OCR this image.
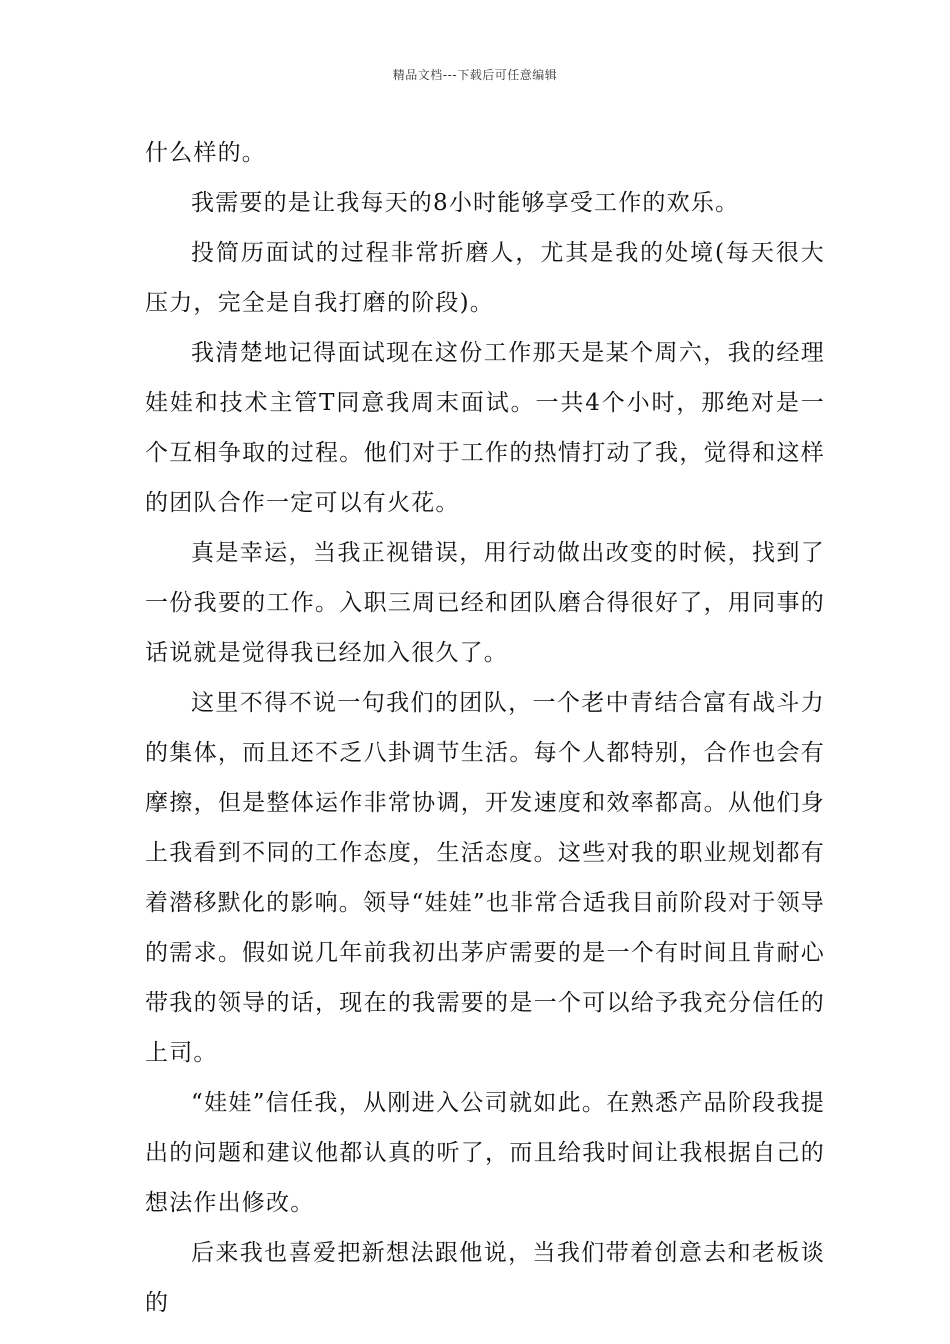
精品文档---下载后可任意编辑

什么样的。

我需要的是让我每天的8小时能够享受工作的欢乐。

投简历面试的过程非常折磨人，尤其是我的处境(每天很大压力，完全是自我打磨的阶段)。

我清楚地记得面试现在这份工作那天是某个周六，我的经理娃娃和技术主管T同意我周末面试。一共4个小时，那绝对是一个互相争取的过程。他们对于工作的热情打动了我，觉得和这样的团队合作一定可以有火花。

真是幸运，当我正视错误，用行动做出改变的时候，找到了一份我要的工作。入职三周已经和团队磨合得很好了，用同事的话说就是觉得我已经加入很久了。

这里不得不说一句我们的团队，一个老中青结合富有战斗力的集体，而且还不乏八卦调节生活。每个人都特别，合作也会有摩擦，但是整体运作非常协调，开发速度和效率都高。从他们身上我看到不同的工作态度，生活态度。这些对我的职业规划都有着潜移默化的影响。领导“娃娃”也非常合适我目前阶段对于领导的需求。假如说几年前我初出茅庐需要的是一个有时间且肯耐心带我的领导的话，现在的我需要的是一个可以给予我充分信任的上司。

“娃娃”信任我，从刚进入公司就如此。在熟悉产品阶段我提出的问题和建议他都认真的听了，而且给我时间让我根据自己的想法作出修改。

后来我也喜爱把新想法跟他说，当我们带着创意去和老板谈的
